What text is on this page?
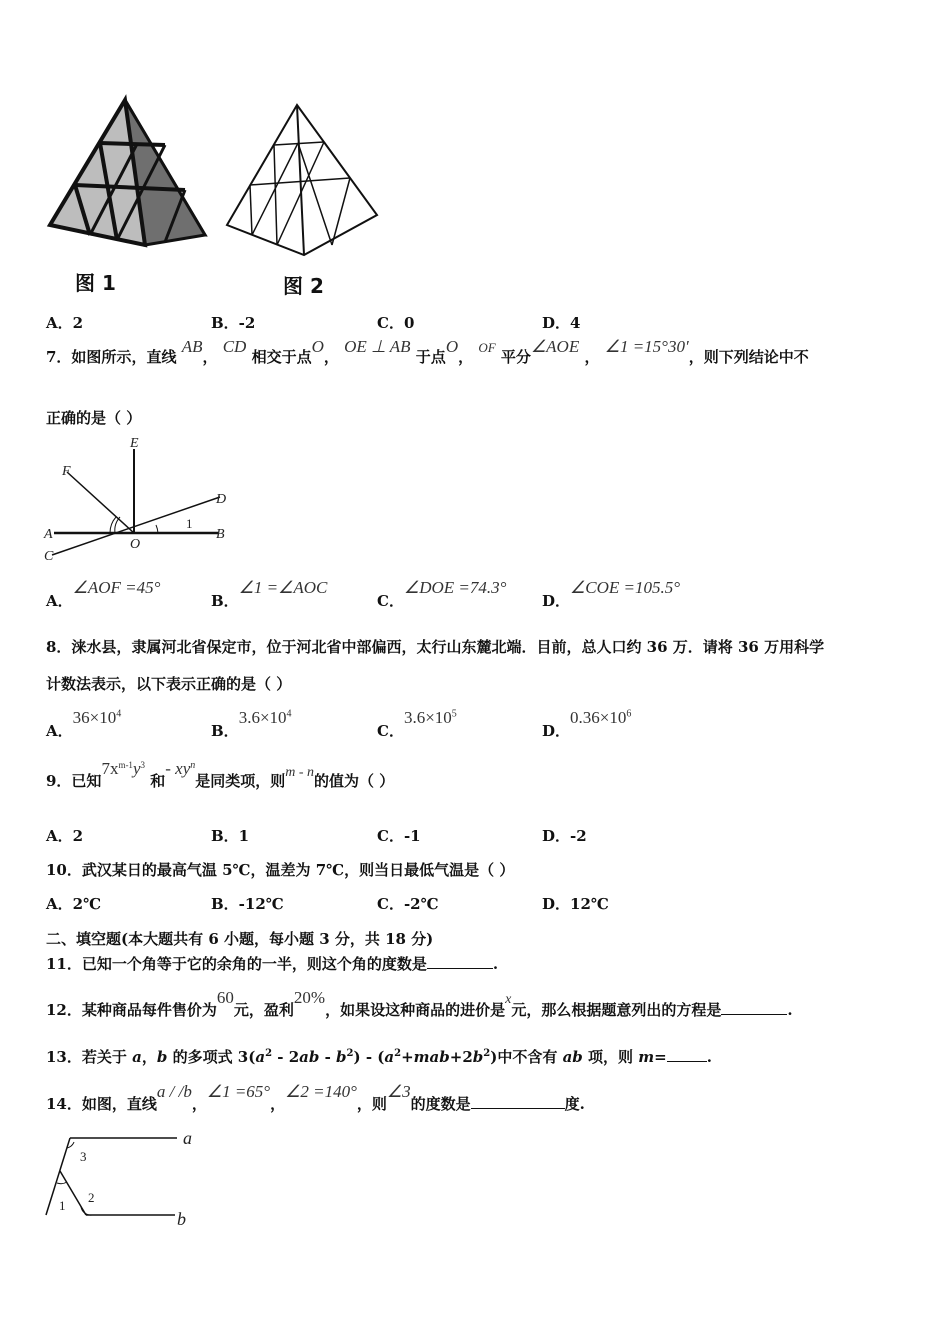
图 1	图 2
A．2	B．-2	C．0	D．4
7．如图所示，直线 AB， CD 相交于点O， OE ⊥ AB 于点O， OF 平分∠AOE ， ∠1 =15°30′，则下列结论中不
正确的是（ ）
E
F
D
A	B
C
O
1
A．∠AOF =45°
B．∠1 =∠AOC
C．∠DOE =74.3°
D．∠COE =105.5°
8．涞水县，隶属河北省保定市，位于河北省中部偏西，太行山东麓北端．目前，总人口约 36 万．请将 36 万用科学
计数法表示，以下表示正确的是（ ）
A．$36\times 10^4$
B．$3.6\times 10^4$
C．$3.6\times 10^5$
D．$0.36\times 10^6$
9．已知$7x^{m-1}y^3$ 和- $xy^n$是同类项，则m - n的值为（ ）
A．2	B．1	C．-1	D．-2
10．武汉某日的最高气温 5℃，温差为 7℃，则当日最低气温是（ ）
A．2℃	B．-12℃	C．-2℃	D．12℃
二、填空题(本大题共有 6 小题，每小题 3 分，共 18 分)
11．已知一个角等于它的余角的一半，则这个角的度数是	.
12．某种商品每件售价为60元，盈利20%，如果设这种商品的进价是x元，那么根据题意列出的方程是	.
13．若关于 a，b 的多项式 $3(a^2 - 2ab - b^2) - (a^2+mab+2b^2)$中不含有 ab 项，则 m=	.
14．如图，直线a / /b，∠1 =65°，∠2 =140°，则∠3的度数是	度.
a
b
1
2
3
